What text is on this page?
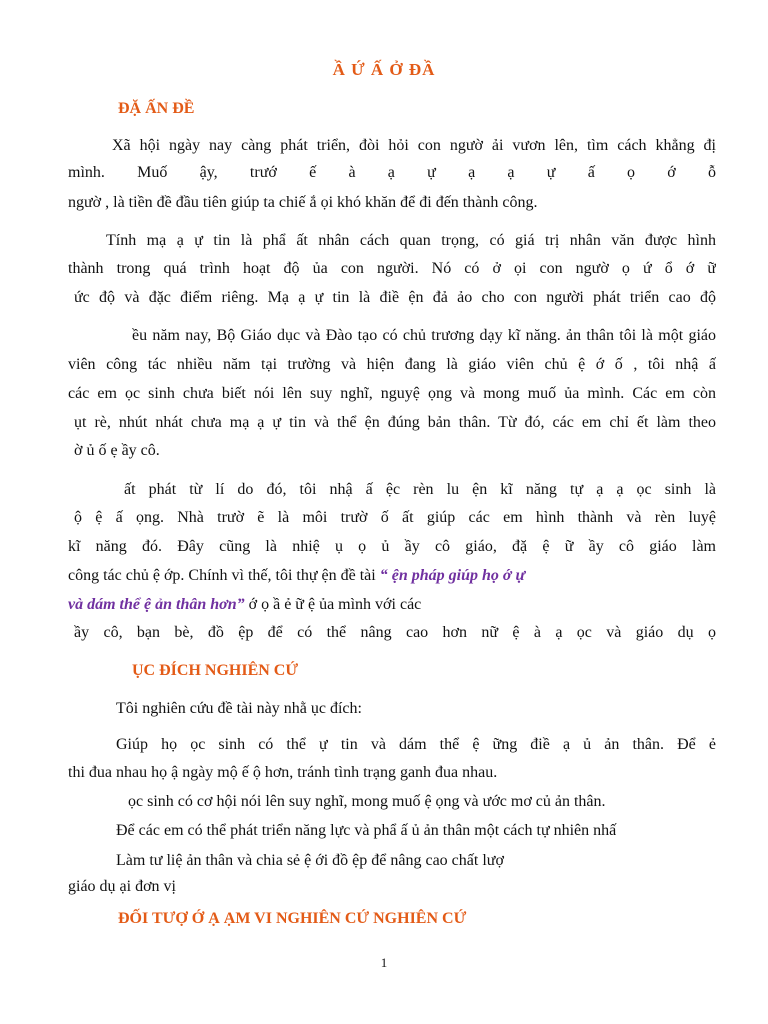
Ầ Ứ Ấ Ở ĐẦ
ĐẶ ẤN ĐỀ
Xã hội ngày nay càng phát triển, đòi hỏi con ngườ ải vươn lên, tìm cách khẳng đị
mình. Muố ậy, trướ ế à ạ ự ạ ạ ự ấ ọ ớ ỗ
ngườ , là tiền đề đầu tiên giúp ta chiế ắ ọi khó khăn để đi đến thành công.
Tính mạ ạ ự tin là phẩ ất nhân cách quan trọng, có giá trị nhân văn được hình
thành trong quá trình hoạt độ ủa con người. Nó có ở ọi con ngườ ọ ứ ổ ớ ữ
ức độ và đặc điểm riêng. Mạ ạ ự tin là điề ện đả ảo cho con người phát triển cao độ
ều năm nay, Bộ Giáo dục và Đào tạo có chủ trương dạy kĩ năng. ản thân tôi là một giáo
viên công tác nhiều năm tại trường và hiện đang là giáo viên chủ ệ ớ ố , tôi nhậ ấ
các em ọc sinh chưa biết nói lên suy nghĩ, nguyệ ọng và mong muố ủa mình. Các em còn
ụt rè, nhút nhát chưa mạ ạ ự tin và thể ện đúng bản thân. Từ đó, các em chỉ ết làm theo
ờ ủ ố ẹ ầy cô.
ất phát từ lí do đó, tôi nhậ ấ ệc rèn lu ện kĩ năng tự ạ ạ ọc sinh là
ộ ệ ấ ọng. Nhà trườ ẽ là môi trườ ố ất giúp các em hình thành và rèn luyệ
kĩ năng đó. Đây cũng là nhiệ ụ ọ ủ ầy cô giáo, đặ ệ ữ ầy cô giáo làm
công tác chủ ệ ớp. Chính vì thế, tôi thự ện đề tài “ ện pháp giúp họ ớ ự
và dám thể ệ ản thân hơn” ớ ọ ầ ẻ ữ ệ ủa mình với các
ầy cô, bạn bè, đồ ệp để có thể nâng cao hơn nữ ệ à ạ ọc và giáo dụ ọ
ỤC ĐÍCH NGHIÊN CỨ
Tôi nghiên cứu đề tài này nhằ ục đích:
Giúp họ ọc sinh có thể ự tin và dám thể ệ ững điề ạ ủ ản thân. Để ẻ
thi đua nhau họ ậ ngày mộ ế ộ hơn, tránh tình trạng ganh đua nhau.
ọc sinh có cơ hội nói lên suy nghĩ, mong muố ệ ọng và ước mơ củ ản thân.
Để các em có thể phát triển năng lực và phẩ ấ ủ ản thân một cách tự nhiên nhấ
Làm tư liệ ản thân và chia sẻ ệ ới đồ ệp để nâng cao chất lượ
giáo dụ ại đơn vị
ĐỐI TƯỢ Ớ Ạ ẠM VI NGHIÊN CỨ NGHIÊN CỨ
1
